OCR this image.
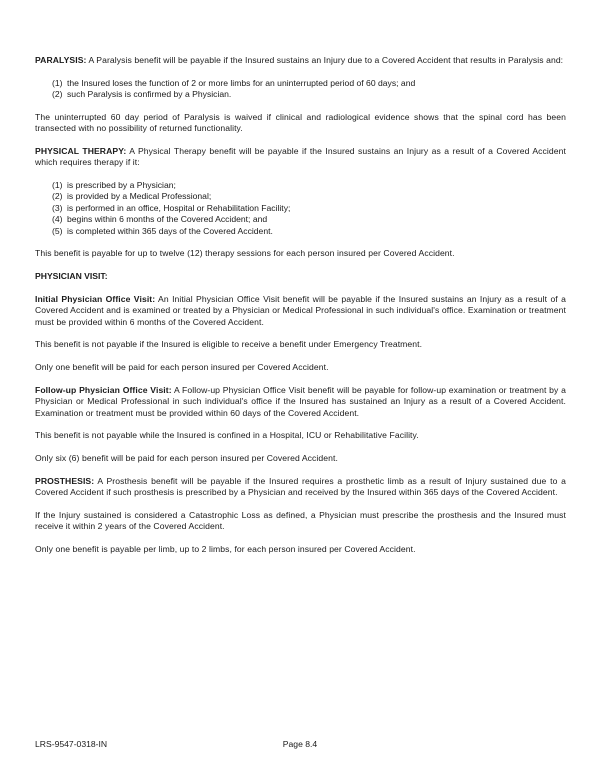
PARALYSIS: A Paralysis benefit will be payable if the Insured sustains an Injury due to a Covered Accident that results in Paralysis and:

(1) the Insured loses the function of 2 or more limbs for an uninterrupted period of 60 days; and
(2) such Paralysis is confirmed by a Physician.

The uninterrupted 60 day period of Paralysis is waived if clinical and radiological evidence shows that the spinal cord has been transected with no possibility of returned functionality.

PHYSICAL THERAPY: A Physical Therapy benefit will be payable if the Insured sustains an Injury as a result of a Covered Accident which requires therapy if it:

(1) is prescribed by a Physician;
(2) is provided by a Medical Professional;
(3) is performed in an office, Hospital or Rehabilitation Facility;
(4) begins within 6 months of the Covered Accident; and
(5) is completed within 365 days of the Covered Accident.

This benefit is payable for up to twelve (12) therapy sessions for each person insured per Covered Accident.

PHYSICIAN VISIT:

Initial Physician Office Visit: An Initial Physician Office Visit benefit will be payable if the Insured sustains an Injury as a result of a Covered Accident and is examined or treated by a Physician or Medical Professional in such individual's office. Examination or treatment must be provided within 6 months of the Covered Accident.

This benefit is not payable if the Insured is eligible to receive a benefit under Emergency Treatment.

Only one benefit will be paid for each person insured per Covered Accident.

Follow-up Physician Office Visit: A Follow-up Physician Office Visit benefit will be payable for follow-up examination or treatment by a Physician or Medical Professional in such individual's office if the Insured has sustained an Injury as a result of a Covered Accident. Examination or treatment must be provided within 60 days of the Covered Accident.

This benefit is not payable while the Insured is confined in a Hospital, ICU or Rehabilitative Facility.

Only six (6) benefit will be paid for each person insured per Covered Accident.

PROSTHESIS: A Prosthesis benefit will be payable if the Insured requires a prosthetic limb as a result of Injury sustained due to a Covered Accident if such prosthesis is prescribed by a Physician and received by the Insured within 365 days of the Covered Accident.

If the Injury sustained is considered a Catastrophic Loss as defined, a Physician must prescribe the prosthesis and the Insured must receive it within 2 years of the Covered Accident.

Only one benefit is payable per limb, up to 2 limbs, for each person insured per Covered Accident.

LRS-9547-0318-IN	Page 8.4
